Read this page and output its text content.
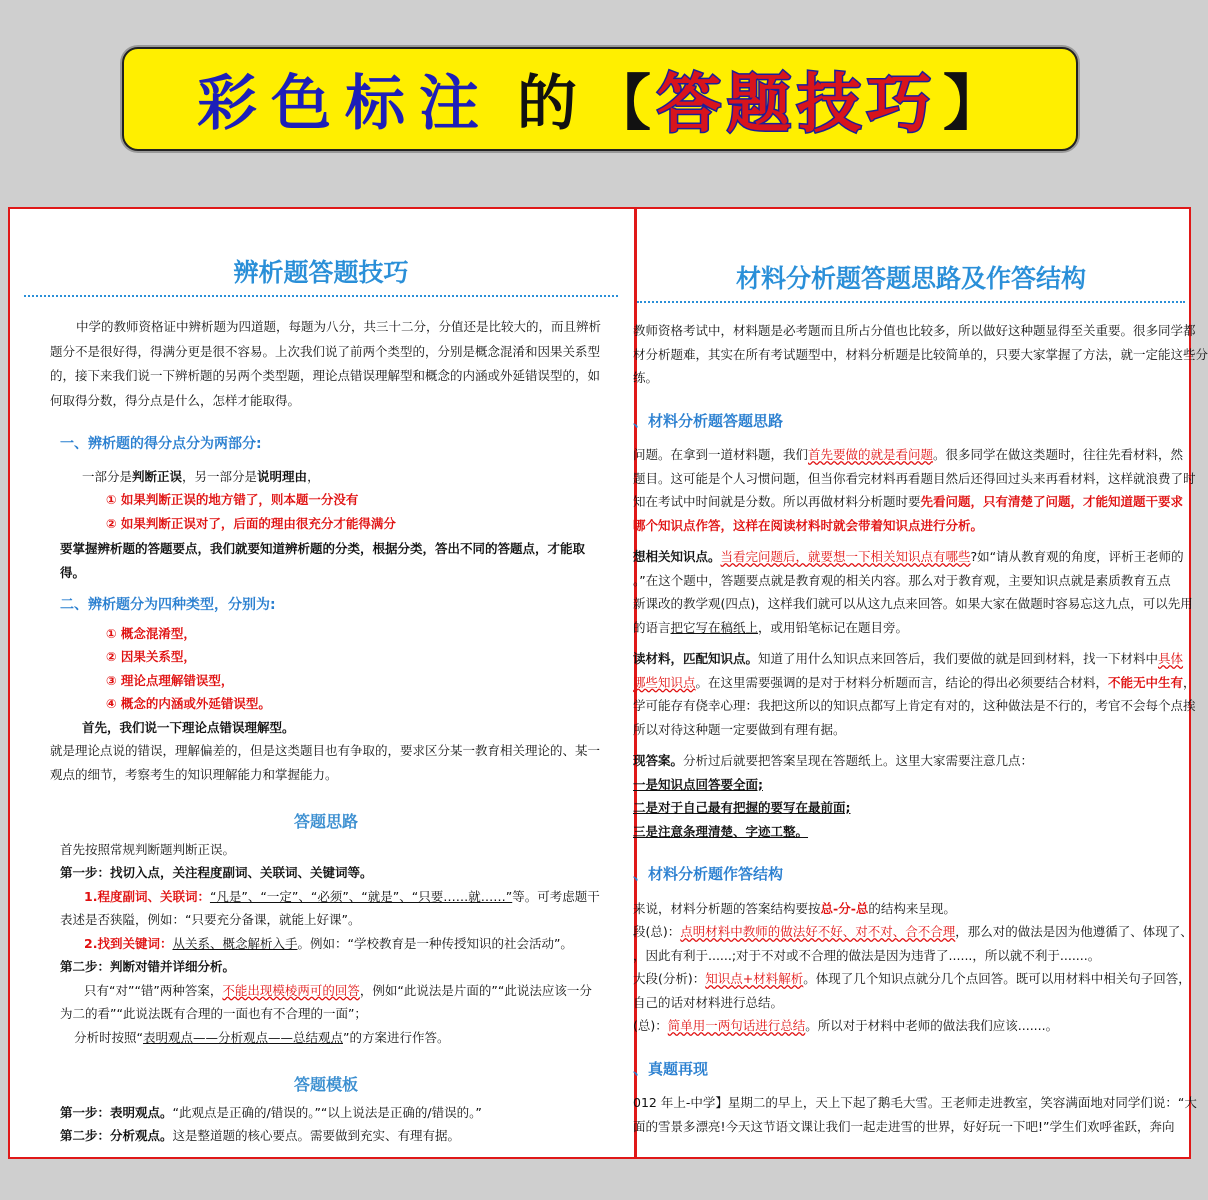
彩色标注 的 【 答题技巧 】
辨析题答题技巧

中学的教师资格证中辨析题为四道题，每题为八分，共三十二分，分值还是比较大的，而且辨析题分不是很好得，得满分更是很不容易。上次我们说了前两个类型的，分别是概念混淆和因果关系型的，接下来我们说一下辨析题的另两个类型题，理论点错误理解型和概念的内涵或外延错误型的，如何取得分数，得分点是什么，怎样才能取得。

一、辨析题的得分点分为两部分:

一部分是判断正误，另一部分是说明理由，

① 如果判断正误的地方错了，则本题一分没有

② 如果判断正误对了，后面的理由很充分才能得满分

要掌握辨析题的答题要点，我们就要知道辨析题的分类，根据分类，答出不同的答题点，才能取得。

二、辨析题分为四种类型，分别为:

① 概念混淆型，

② 因果关系型，

③ 理论点理解错误型，

④ 概念的内涵或外延错误型。

首先，我们说一下理论点错误理解型。

就是理论点说的错误，理解偏差的，但是这类题目也有争取的，要求区分某一教育相关理论的、某一观点的细节，考察考生的知识理解能力和掌握能力。

答题思路

首先按照常规判断题判断正误。

第一步：找切入点，关注程度副词、关联词、关键词等。

1.程度副词、关联词：“凡是”、“一定”、“必须”、“就是”、“只要……就……”等。可考虑题干表述是否狭隘，例如：“只要充分备课，就能上好课”。

2.找到关键词：从关系、概念解析入手。例如：“学校教育是一种传授知识的社会活动”。

第二步：判断对错并详细分析。

只有“对”“错”两种答案，不能出现模棱两可的回答，例如“此说法是片面的”“此说法应该一分为二的看”“此说法既有合理的一面也有不合理的一面”；

分析时按照“表明观点——分析观点——总结观点”的方案进行作答。

答题模板

第一步：表明观点。“此观点是正确的/错误的。”“以上说法是正确的/错误的。”

第二步：分析观点。这是整道题的核心要点。需要做到充实、有理有据。

材料分析题答题思路及作答结构

教师资格考试中，材料题是必考题而且所占分值也比较多，所以做好这种题显得至关重要。很多同学都

材分析题难，其实在所有考试题型中，材料分析题是比较简单的，只要大家掌握了方法，就一定能这些分

练。

、材料分析题答题思路

问题。在拿到一道材料题，我们首先要做的就是看问题。很多同学在做这类题时，往往先看材料，然

题目。这可能是个人习惯问题，但当你看完材料再看题目然后还得回过头来再看材料，这样就浪费了时

知在考试中时间就是分数。所以再做材料分析题时要先看问题，只有清楚了问题，才能知道题干要求

哪个知识点作答，这样在阅读材料时就会带着知识点进行分析。

想相关知识点。当看完问题后，就要想一下相关知识点有哪些?如“请从教育观的角度，评析王老师的

。”在这个题中，答题要点就是教育观的相关内容。那么对于教育观，主要知识点就是素质教育五点

新课改的教学观(四点)，这样我们就可以从这九点来回答。如果大家在做题时容易忘这九点，可以先用

的语言把它写在稿纸上，或用铅笔标记在题目旁。

读材料，匹配知识点。知道了用什么知识点来回答后，我们要做的就是回到材料，找一下材料中具体

哪些知识点。在这里需要强调的是对于材料分析题而言，结论的得出必须要结合材料，不能无中生有，

学可能存有侥幸心理：我把这所以的知识点都写上肯定有对的，这种做法是不行的，考官不会每个点挨

所以对待这种题一定要做到有理有据。

现答案。分析过后就要把答案呈现在答题纸上。这里大家需要注意几点：

一是知识点回答要全面;

二是对于自己最有把握的要写在最前面;

三是注意条理清楚、字迹工整。

、材料分析题作答结构

来说，材料分析题的答案结构要按总-分-总的结构来呈现。

段(总)：点明材料中教师的做法好不好、对不对、合不合理，那么对的做法是因为他遵循了、体现了、

，因此有利于......;对于不对或不合理的做法是因为违背了......，所以就不利于.......。

大段(分析)：知识点+材料解析。体现了几个知识点就分几个点回答。既可以用材料中相关句子回答，

自己的话对材料进行总结。

(总)：简单用一两句话进行总结。所以对于材料中老师的做法我们应该.......。

、真题再现

012 年上-中学】星期二的早上，天上下起了鹅毛大雪。王老师走进教室，笑容满面地对同学们说：“大

面的雪景多漂亮!今天这节语文课让我们一起走进雪的世界，好好玩一下吧!”学生们欢呼雀跃，奔向
